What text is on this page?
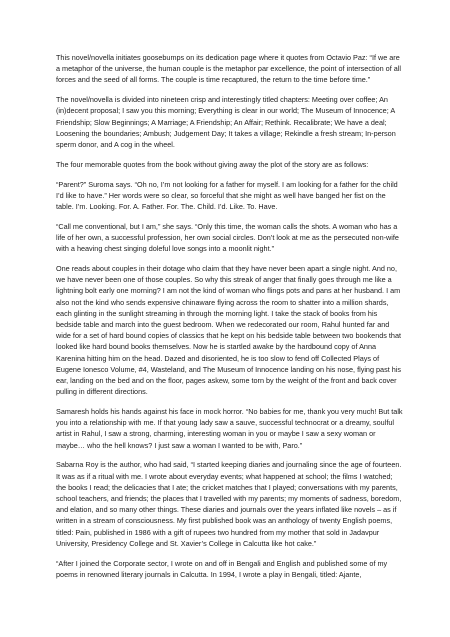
This novel/novella initiates goosebumps on its dedication page where it quotes from Octavio Paz: “If we are a metaphor of the universe, the human couple is the metaphor par excellence, the point of intersection of all forces and the seed of all forms. The couple is time recaptured, the return to the time before time.”

The novel/novella is divided into nineteen crisp and interestingly titled chapters: Meeting over coffee; An (in)decent proposal; I saw you this morning; Everything is clear in our world; The Museum of Innocence; A Friendship; Slow Beginnings; A Marriage; A Friendship; An Affair; Rethink. Recalibrate; We have a deal; Loosening the boundaries; Ambush; Judgement Day; It takes a village; Rekindle a fresh stream; In-person sperm donor, and A cog in the wheel.

The four memorable quotes from the book without giving away the plot of the story are as follows:

“Parent?” Suroma says. “Oh no, I’m not looking for a father for myself. I am looking for a father for the child I’d like to have.” Her words were so clear, so forceful that she might as well have banged her fist on the table. I’m. Looking. For. A. Father. For. The. Child. I’d. Like. To. Have.

“Call me conventional, but I am,” she says. “Only this time, the woman calls the shots. A woman who has a life of her own, a successful profession, her own social circles. Don’t look at me as the persecuted non-wife with a heaving chest singing doleful love songs into a moonlit night.”

One reads about couples in their dotage who claim that they have never been apart a single night. And no, we have never been one of those couples. So why this streak of anger that finally goes through me like a lightning bolt early one morning? I am not the kind of woman who flings pots and pans at her husband. I am also not the kind who sends expensive chinaware flying across the room to shatter into a million shards, each glinting in the sunlight streaming in through the morning light. I take the stack of books from his bedside table and march into the guest bedroom. When we redecorated our room, Rahul hunted far and wide for a set of hard bound copies of classics that he kept on his bedside table between two bookends that looked like hard bound books themselves. Now he is startled awake by the hardbound copy of Anna Karenina hitting him on the head. Dazed and disoriented, he is too slow to fend off Collected Plays of Eugene Ionesco Volume, #4, Wasteland, and The Museum of Innocence landing on his nose, flying past his ear, landing on the bed and on the floor, pages askew, some torn by the weight of the front and back cover pulling in different directions.

Samaresh holds his hands against his face in mock horror. “No babies for me, thank you very much! But talk you into a relationship with me. If that young lady saw a sauve, successful technocrat or a dreamy, soulful artist in Rahul, I saw a strong, charming, interesting woman in you or maybe I saw a sexy woman or maybe… who the hell knows? I just saw a woman I wanted to be with, Paro.”

Sabarna Roy is the author, who had said, “I started keeping diaries and journaling since the age of fourteen. It was as if a ritual with me. I wrote about everyday events; what happened at school; the films I watched; the books I read; the delicacies that I ate; the cricket matches that I played; conversations with my parents, school teachers, and friends; the places that I travelled with my parents; my moments of sadness, boredom, and elation, and so many other things. These diaries and journals over the years inflated like novels – as if written in a stream of consciousness. My first published book was an anthology of twenty English poems, titled: Pain, published in 1986 with a gift of rupees two hundred from my mother that sold in Jadavpur University, Presidency College and St. Xavier’s College in Calcutta like hot cake.”

“After I joined the Corporate sector, I wrote on and off in Bengali and English and published some of my poems in renowned literary journals in Calcutta. In 1994, I wrote a play in Bengali, titled: Ajante,
